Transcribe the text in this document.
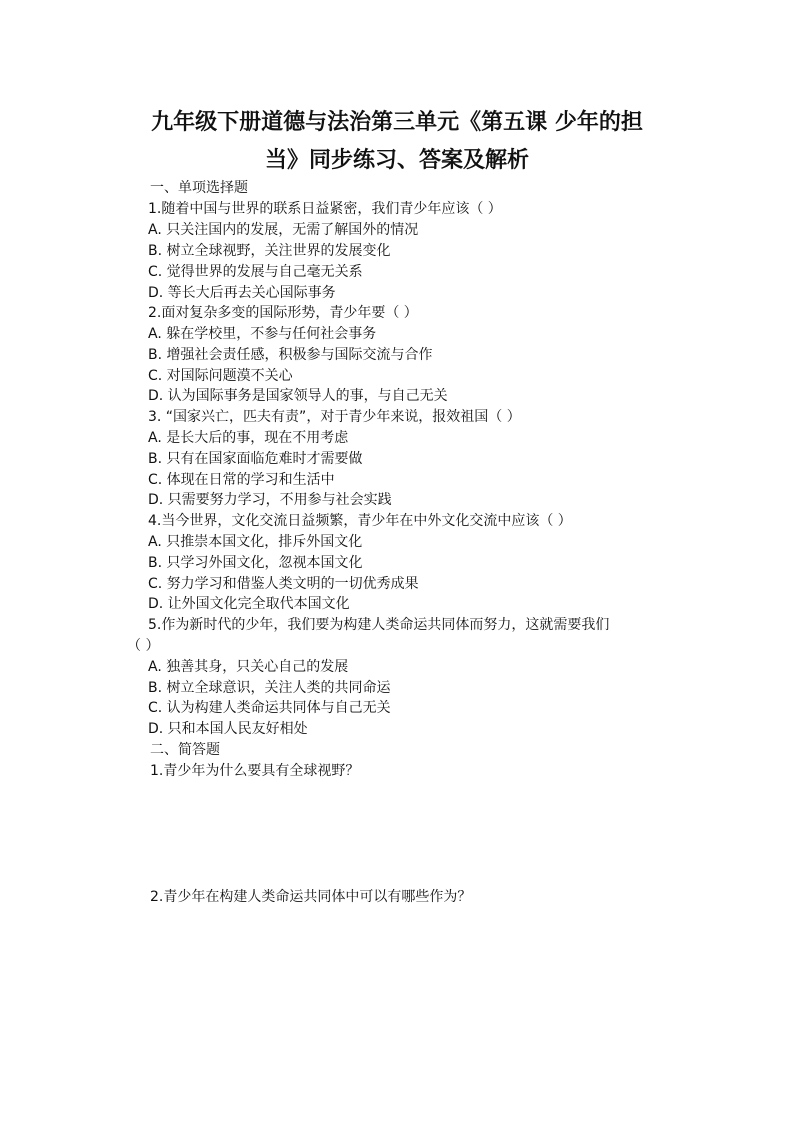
九年级下册道德与法治第三单元《第五课 少年的担
当》同步练习、答案及解析
一、单项选择题
1.随着中国与世界的联系日益紧密，我们青少年应该（ ）
A. 只关注国内的发展，无需了解国外的情况
B. 树立全球视野，关注世界的发展变化
C. 觉得世界的发展与自己毫无关系
D. 等长大后再去关心国际事务
2.面对复杂多变的国际形势，青少年要（ ）
A. 躲在学校里，不参与任何社会事务
B. 增强社会责任感，积极参与国际交流与合作
C. 对国际问题漠不关心
D. 认为国际事务是国家领导人的事，与自己无关
3. “国家兴亡，匹夫有责”，对于青少年来说，报效祖国（ ）
A. 是长大后的事，现在不用考虑
B. 只有在国家面临危难时才需要做
C. 体现在日常的学习和生活中
D. 只需要努力学习，不用参与社会实践
4.当今世界，文化交流日益频繁，青少年在中外文化交流中应该（ ）
A. 只推崇本国文化，排斥外国文化
B. 只学习外国文化，忽视本国文化
C. 努力学习和借鉴人类文明的一切优秀成果
D. 让外国文化完全取代本国文化
5.作为新时代的少年，我们要为构建人类命运共同体而努力，这就需要我们
（ ）
A. 独善其身，只关心自己的发展
B. 树立全球意识，关注人类的共同命运
C. 认为构建人类命运共同体与自己无关
D. 只和本国人民友好相处
二、简答题
1.青少年为什么要具有全球视野？
2.青少年在构建人类命运共同体中可以有哪些作为？
